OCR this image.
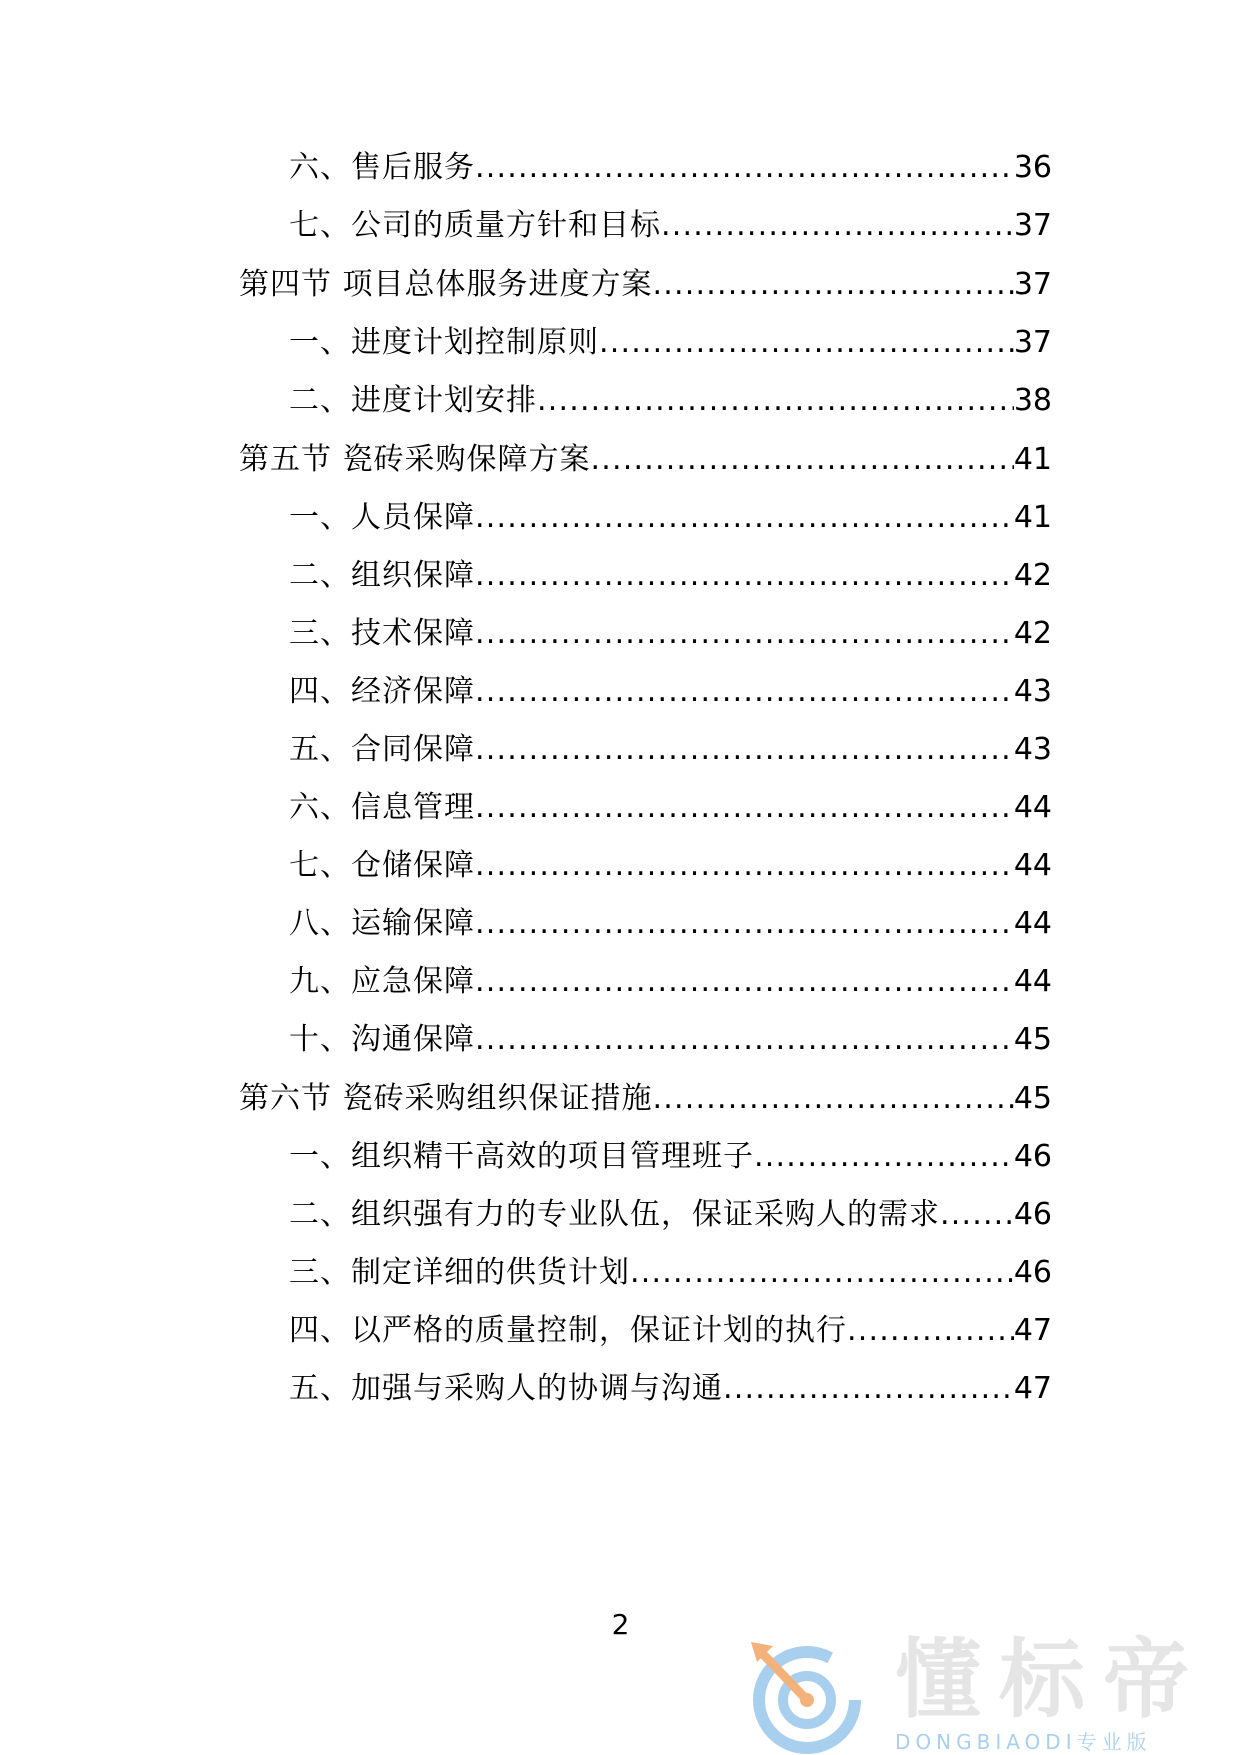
六、售后服务 .....	36
七、公司的质量方针和目标 .....	37
第四节 项目总体服务进度方案 .....	37
一、进度计划控制原则 .....	37
二、进度计划安排 .....	38
第五节 瓷砖采购保障方案 .....	41
一、人员保障 .....	41
二、组织保障 .....	42
三、技术保障 .....	42
四、经济保障 .....	43
五、合同保障 .....	43
六、信息管理 .....	44
七、仓储保障 .....	44
八、运输保障 .....	44
九、应急保障 .....	44
十、沟通保障 .....	45
第六节 瓷砖采购组织保证措施 .....	45
一、组织精干高效的项目管理班子 .....	46
二、组织强有力的专业队伍，保证采购人的需求 ..... 46
三、制定详细的供货计划 .....	46
四、以严格的质量控制，保证计划的执行 .....	47
五、加强与采购人的协调与沟通 .....	47
2
懂标帝
DONGBIAODI专业版
